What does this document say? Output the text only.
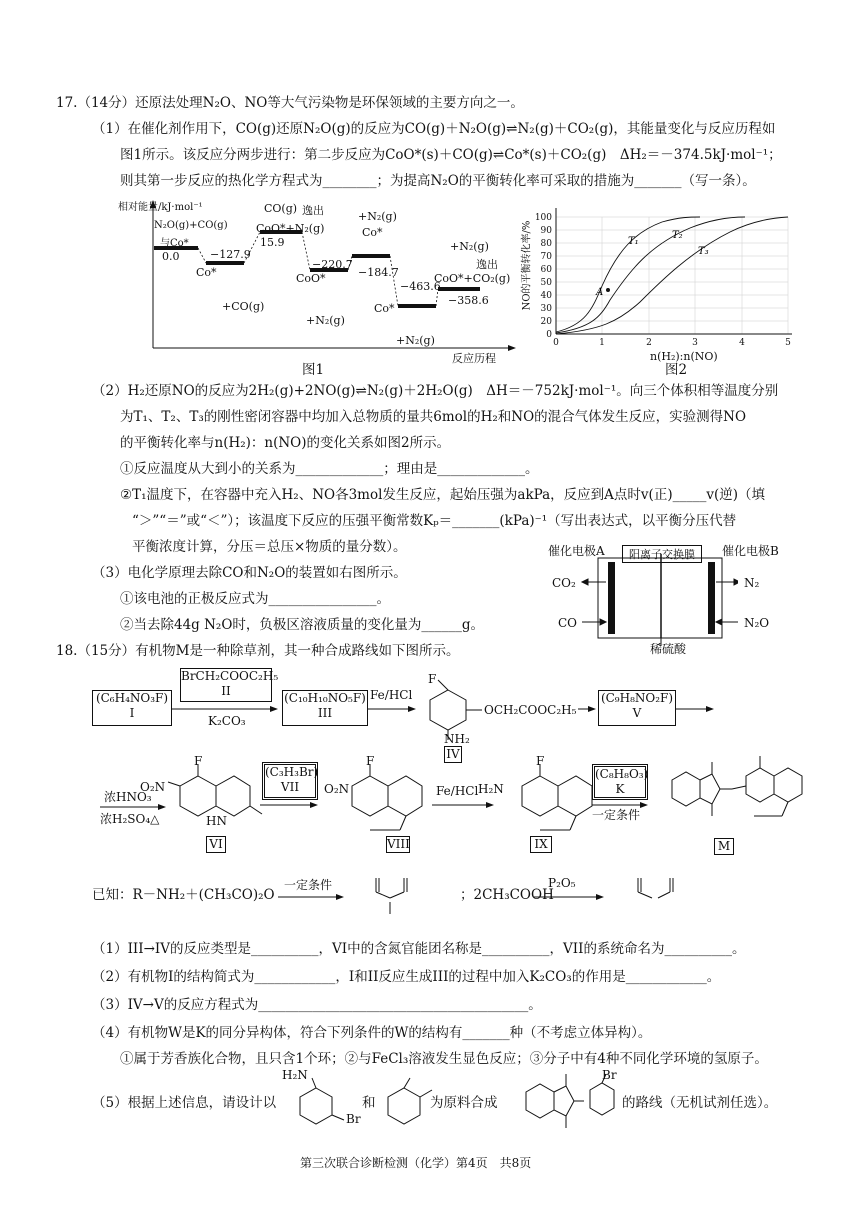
17.（14分）还原法处理N₂O、NO等大气污染物是环保领域的主要方向之一。
（1）在催化剂作用下，CO(g)还原N₂O(g)的反应为CO(g)＋N₂O(g)⇌N₂(g)＋CO₂(g)，其能量变化与反应历程如
图1所示。该反应分两步进行：第二步反应为CoO*(s)＋CO(g)⇌Co*(s)＋CO₂(g)　ΔH₂＝－374.5kJ·mol⁻¹；
则其第一步反应的热化学方程式为________；为提高N₂O的平衡转化率可采取的措施为_______（写一条）。
相对能量/kJ·mol⁻¹
N₂O(g)+CO(g)
与Co*
0.0	−127.9
Co*
+CO(g)
CO(g)
CoO*+N₂(g)
逸出
15.9
−220.7
CoO*
+N₂(g)
+N₂(g)
Co*
−184.7
Co*
−463.6
+N₂(g)
CoO*+CO₂(g)
+N₂(g)
逸出
−358.6
反应历程
图1
100
90
80
70
60
50
40
30
20
0
0	1	2	3	4	5
A
T₁
T₂
T₃
NO的平衡转化率/%
n(H₂):n(NO)
图2
（2）H₂还原NO的反应为2H₂(g)+2NO(g)⇌N₂(g)＋2H₂O(g)　ΔH＝－752kJ·mol⁻¹。向三个体积相等温度分别
为T₁、T₂、T₃的刚性密闭容器中均加入总物质的量共6mol的H₂和NO的混合气体发生反应，实验测得NO
的平衡转化率与n(H₂)：n(NO)的变化关系如图2所示。
①反应温度从大到小的关系为_____________；理由是_____________。
②T₁温度下，在容器中充入H₂、NO各3mol发生反应，起始压强为akPa，反应到A点时v(正)_____v(逆)（填
“＞”“＝”或“＜”）；该温度下反应的压强平衡常数Kₚ＝_______(kPa)⁻¹（写出表达式，以平衡分压代替
平衡浓度计算，分压＝总压×物质的量分数）。
（3）电化学原理去除CO和N₂O的装置如右图所示。
①该电池的正极反应式为________________。
②当去除44g N₂O时，负极区溶液质量的变化量为______g。
催化电极A	阳离子交换膜	催化电极B
CO₂
CO
N₂
N₂O
稀硫酸
18.（15分）有机物M是一种除草剂，其一种合成路线如下图所示。
(C₆H₄NO₃F)
I
BrCH₂COOC₂H₅
II
K₂CO₃
(C₁₀H₁₀NO₅F)
III
Fe/HCl
F
OCH₂COOC₂H₅
NH₂
IV
(C₉H₈NO₂F)
V
浓HNO₃
浓H₂SO₄△
F
O₂N
HN
VI
(C₃H₃Br)
VII
F
O₂N
VIII
Fe/HCl
F
H₂N
IX
(C₈H₈O₃)
K
一定条件
M
已知：R－NH₂＋(CH₃CO)₂O
一定条件
；2CH₃COOH
P₂O₅
（1）III→IV的反应类型是__________，VI中的含氮官能团名称是__________，VII的系统命名为__________。
（2）有机物I的结构简式为____________，I和II反应生成III的过程中加入K₂CO₃的作用是____________。
（3）IV→V的反应方程式为________________________________________。
（4）有机物W是K的同分异构体，符合下列条件的W的结构有_______种（不考虑立体异构）。
①属于芳香族化合物，且只含1个环；②与FeCl₃溶液发生显色反应；③分子中有4种不同化学环境的氢原子。
（5）根据上述信息，请设计以
H₂N
Br
和	为原料合成
Br
的路线（无机试剂任选）。
第三次联合诊断检测（化学）第4页　共8页
